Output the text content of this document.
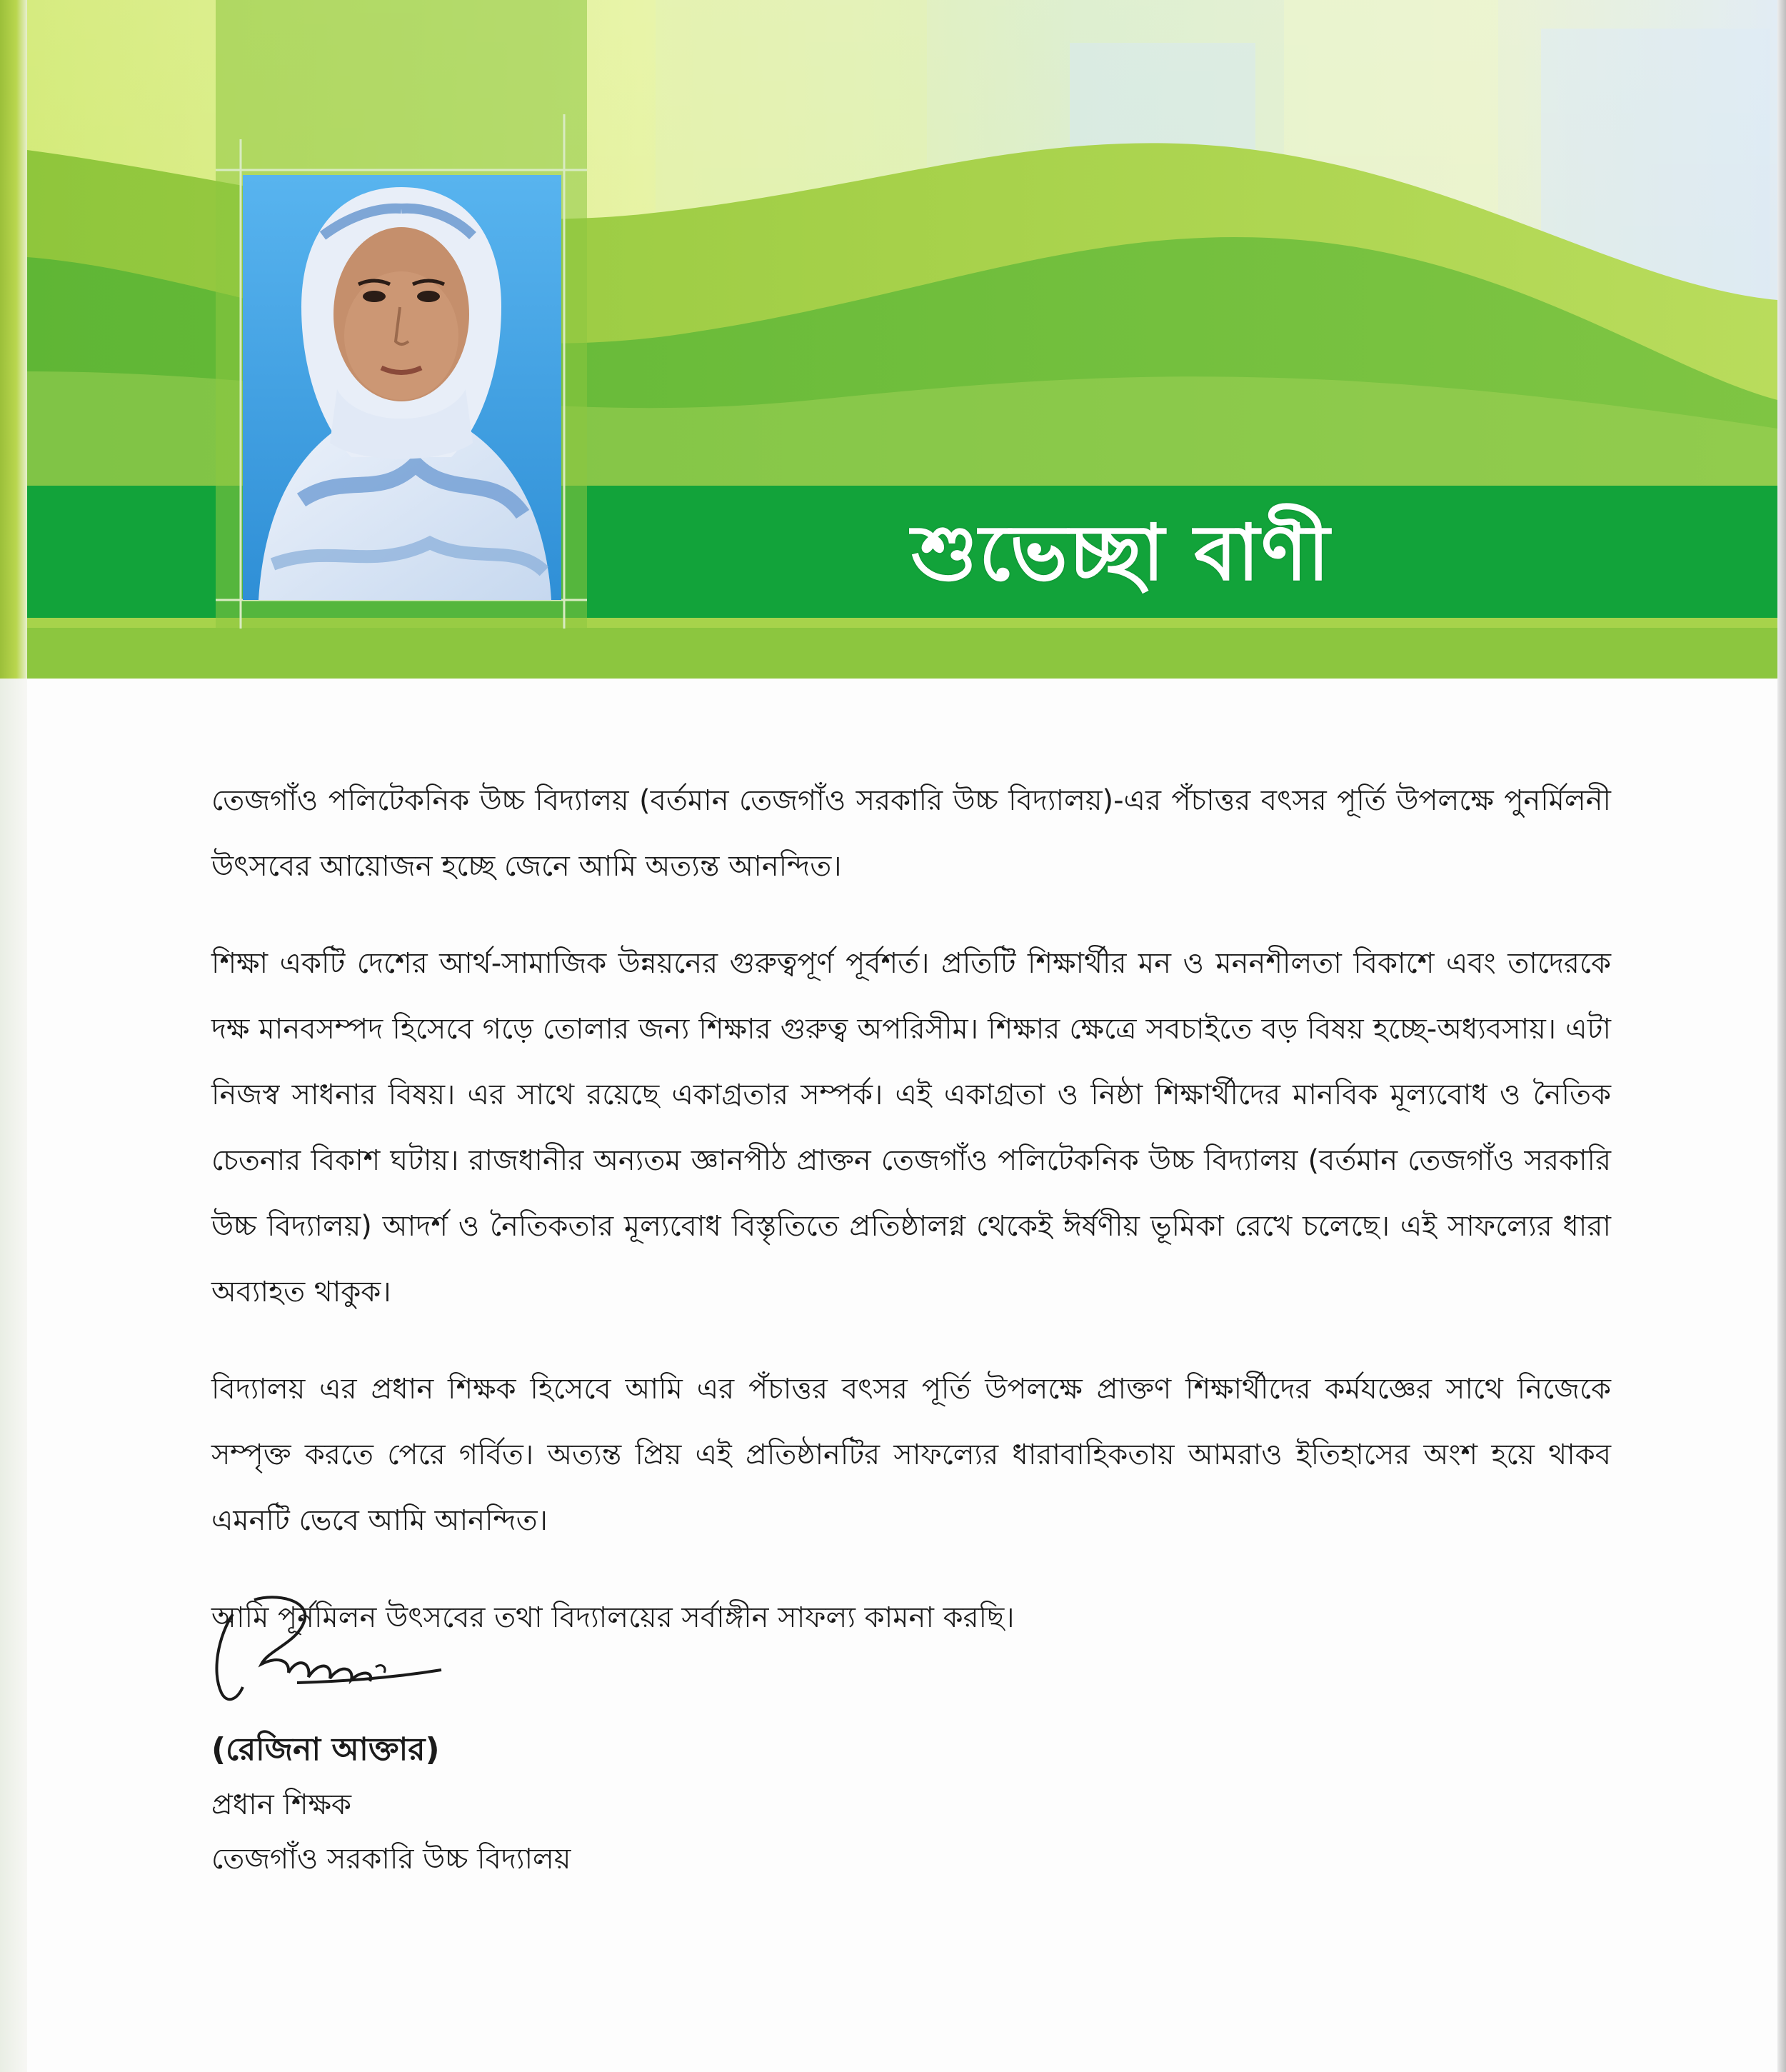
শুভেচ্ছা বাণী

তেজগাঁও পলিটেকনিক উচ্চ বিদ্যালয় (বর্তমান তেজগাঁও সরকারি উচ্চ বিদ্যালয়)-এর পঁচাত্তর বৎসর পূর্তি উপলক্ষে পুনর্মিলনী উৎসবের আয়োজন হচ্ছে জেনে আমি অত্যন্ত আনন্দিত।

শিক্ষা একটি দেশের আর্থ-সামাজিক উন্নয়নের গুরুত্বপূর্ণ পূর্বশর্ত। প্রতিটি শিক্ষার্থীর মন ও মননশীলতা বিকাশে এবং তাদেরকে দক্ষ মানবসম্পদ হিসেবে গড়ে তোলার জন্য শিক্ষার গুরুত্ব অপরিসীম। শিক্ষার ক্ষেত্রে সবচাইতে বড় বিষয় হচ্ছে-অধ্যবসায়। এটা নিজস্ব সাধনার বিষয়। এর সাথে রয়েছে একাগ্রতার সম্পর্ক। এই একাগ্রতা ও নিষ্ঠা শিক্ষার্থীদের মানবিক মূল্যবোধ ও নৈতিক চেতনার বিকাশ ঘটায়। রাজধানীর অন্যতম জ্ঞানপীঠ প্রাক্তন তেজগাঁও পলিটেকনিক উচ্চ বিদ্যালয় (বর্তমান তেজগাঁও সরকারি উচ্চ বিদ্যালয়) আদর্শ ও নৈতিকতার মূল্যবোধ বিস্তৃতিতে প্রতিষ্ঠালগ্ন থেকেই ঈর্ষণীয় ভূমিকা রেখে চলেছে। এই সাফল্যের ধারা অব্যাহত থাকুক।

বিদ্যালয় এর প্রধান শিক্ষক হিসেবে আমি এর পঁচাত্তর বৎসর পূর্তি উপলক্ষে প্রাক্তণ শিক্ষার্থীদের কর্মযজ্ঞের সাথে নিজেকে সম্পৃক্ত করতে পেরে গর্বিত। অত্যন্ত প্রিয় এই প্রতিষ্ঠানটির সাফল্যের ধারাবাহিকতায় আমরাও ইতিহাসের অংশ হয়ে থাকব এমনটি ভেবে আমি আনন্দিত।

আমি পূর্নমিলন উৎসবের তথা বিদ্যালয়ের সর্বাঙ্গীন সাফল্য কামনা করছি।

(রেজিনা আক্তার)
প্রধান শিক্ষক
তেজগাঁও সরকারি উচ্চ বিদ্যালয়
